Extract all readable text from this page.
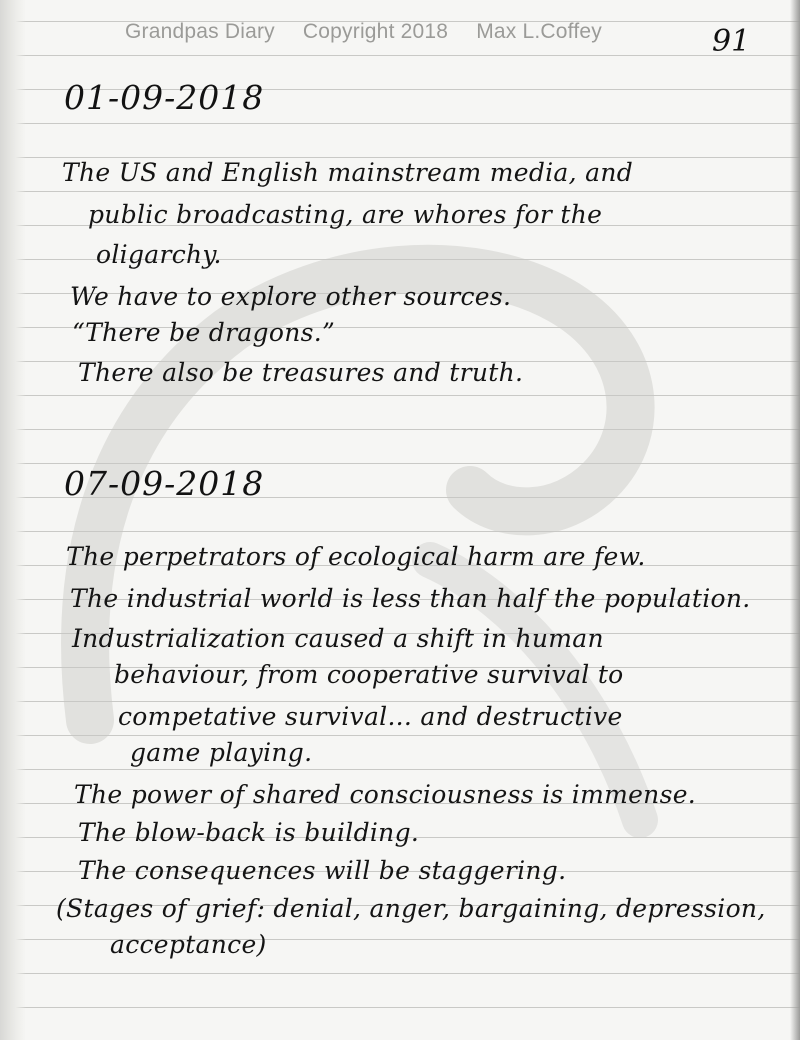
Grandpas Diary Copyright 2018 Max L.Coffey	91
01-09-2018
The US and English mainstream media, and
public broadcasting, are whores for the
oligarchy.
We have to explore other sources.
“There be dragons.”
There also be treasures and truth.
07-09-2018
The perpetrators of ecological harm are few.
The industrial world is less than half the population.
Industrialization caused a shift in human
behaviour, from cooperative survival to
competative survival... and destructive
game playing.
The power of shared consciousness is immense.
The blow-back is building.
The consequences will be staggering.
(Stages of grief: denial, anger, bargaining, depression,
acceptance)
